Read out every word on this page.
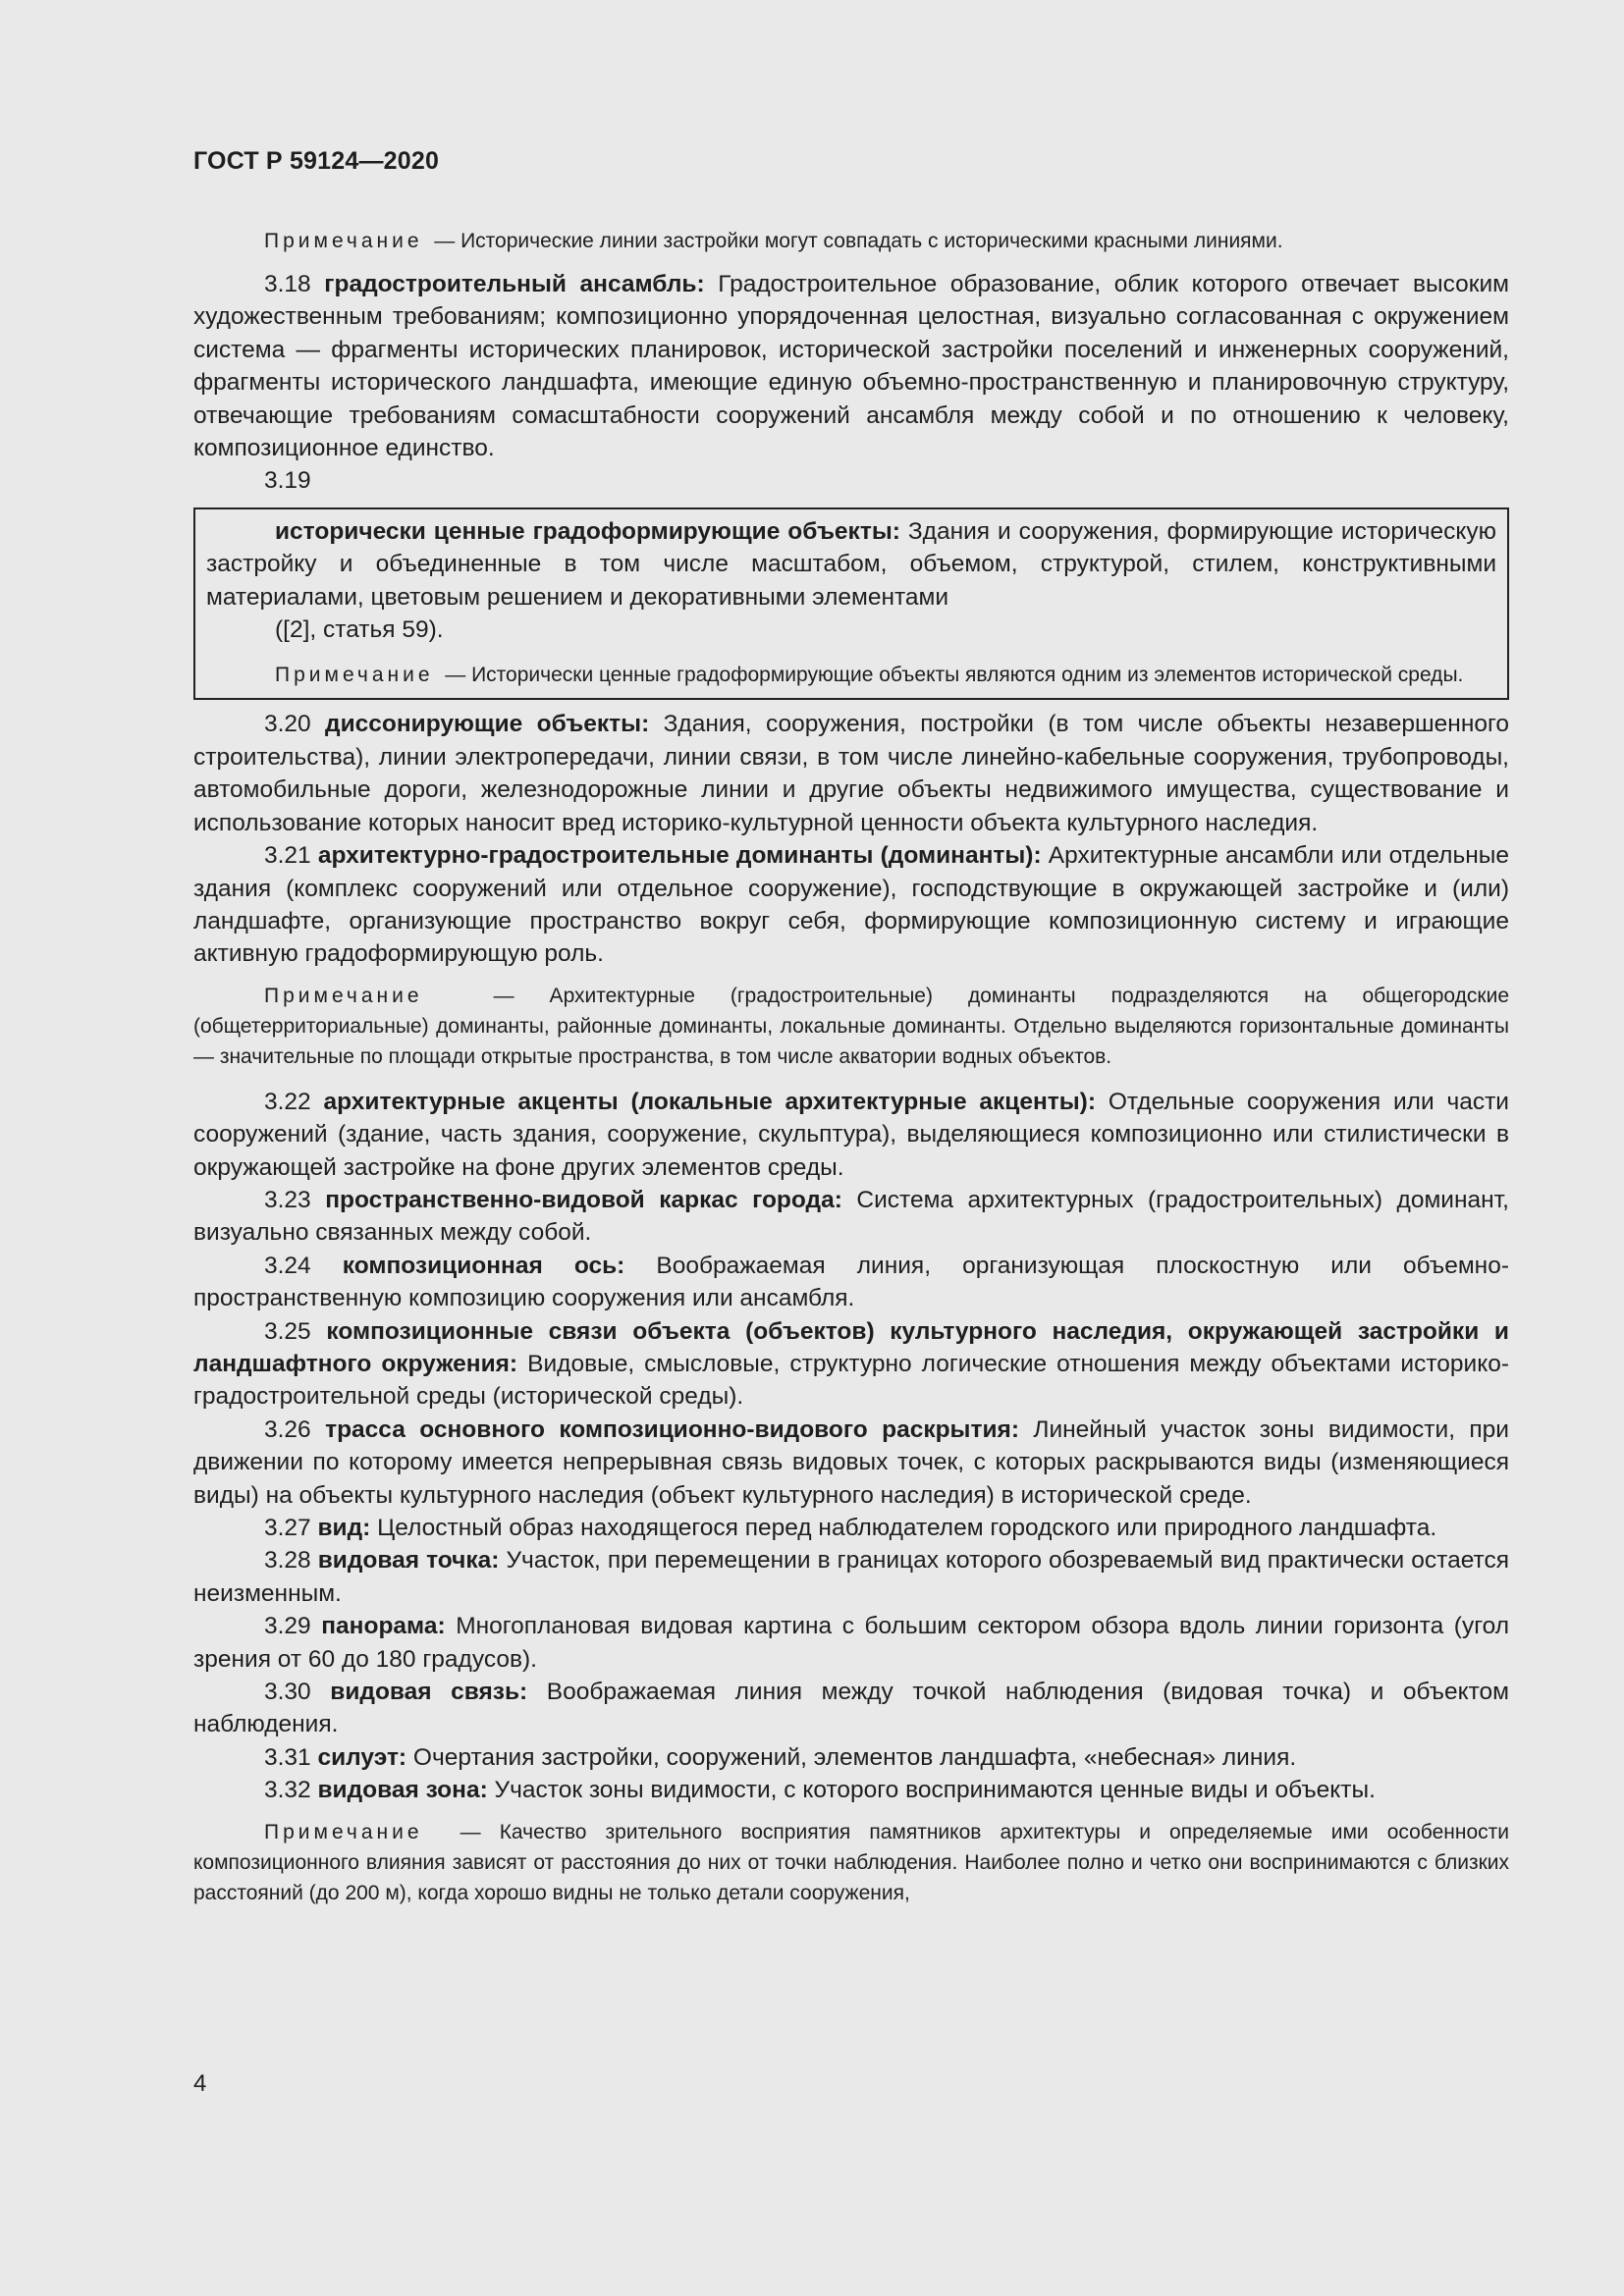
ГОСТ Р 59124—2020

Примечание — Исторические линии застройки могут совпадать с историческими красными линиями.

3.18 градостроительный ансамбль: Градостроительное образование, облик которого отвечает высоким художественным требованиям; композиционно упорядоченная целостная, визуально согласованная с окружением система — фрагменты исторических планировок, исторической застройки поселений и инженерных сооружений, фрагменты исторического ландшафта, имеющие единую объемно-пространственную и планировочную структуру, отвечающие требованиям сомасштабности сооружений ансамбля между собой и по отношению к человеку, композиционное единство.

3.19

исторически ценные градоформирующие объекты: Здания и сооружения, формирующие историческую застройку и объединенные в том числе масштабом, объемом, структурой, стилем, конструктивными материалами, цветовым решением и декоративными элементами

([2], статья 59).

Примечание — Исторически ценные градоформирующие объекты являются одним из элементов исторической среды.

3.20 диссонирующие объекты: Здания, сооружения, постройки (в том числе объекты незавершенного строительства), линии электропередачи, линии связи, в том числе линейно-кабельные сооружения, трубопроводы, автомобильные дороги, железнодорожные линии и другие объекты недвижимого имущества, существование и использование которых наносит вред историко-культурной ценности объекта культурного наследия.

3.21 архитектурно-градостроительные доминанты (доминанты): Архитектурные ансамбли или отдельные здания (комплекс сооружений или отдельное сооружение), господствующие в окружающей застройке и (или) ландшафте, организующие пространство вокруг себя, формирующие композиционную систему и играющие активную градоформирующую роль.

Примечание	— Архитектурные (градостроительные) доминанты подразделяются на общегородские (общетерриториальные) доминанты, районные доминанты, локальные доминанты. Отдельно выделяются горизонтальные доминанты — значительные по площади открытые пространства, в том числе акватории водных объектов.

3.22 архитектурные акценты (локальные архитектурные акценты): Отдельные сооружения или части сооружений (здание, часть здания, сооружение, скульптура), выделяющиеся композиционно или стилистически в окружающей застройке на фоне других элементов среды.

3.23 пространственно-видовой каркас города: Система архитектурных (градостроительных) доминант, визуально связанных между собой.

3.24 композиционная ось: Воображаемая линия, организующая плоскостную или объемно-пространственную композицию сооружения или ансамбля.

3.25 композиционные связи объекта (объектов) культурного наследия, окружающей застройки и ландшафтного окружения: Видовые, смысловые, структурно логические отношения между объектами историко-градостроительной среды (исторической среды).

3.26 трасса основного композиционно-видового раскрытия: Линейный участок зоны видимости, при движении по которому имеется непрерывная связь видовых точек, с которых раскрываются виды (изменяющиеся виды) на объекты культурного наследия (объект культурного наследия) в исторической среде.

3.27 вид: Целостный образ находящегося перед наблюдателем городского или природного ландшафта.

3.28 видовая точка: Участок, при перемещении в границах которого обозреваемый вид практически остается неизменным.

3.29 панорама: Многоплановая видовая картина с большим сектором обзора вдоль линии горизонта (угол зрения от 60 до 180 градусов).

3.30 видовая связь: Воображаемая линия между точкой наблюдения (видовая точка) и объектом наблюдения.

3.31 силуэт: Очертания застройки, сооружений, элементов ландшафта, «небесная» линия.

3.32 видовая зона: Участок зоны видимости, с которого воспринимаются ценные виды и объекты.

Примечание — Качество зрительного восприятия памятников архитектуры и определяемые ими особенности композиционного влияния зависят от расстояния до них от точки наблюдения. Наиболее полно и четко они воспринимаются с близких расстояний (до 200 м), когда хорошо видны не только детали сооружения,

4
